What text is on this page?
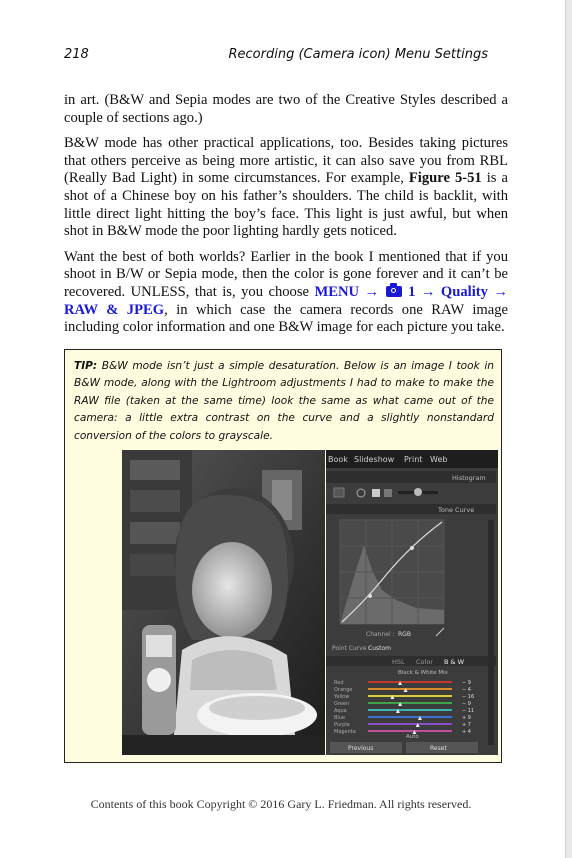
218	Recording (Camera icon) Menu Settings

in art. (B&W and Sepia modes are two of the Creative Styles described a couple of sections ago.)

B&W mode has other practical applications, too. Besides taking pictures that others perceive as being more artistic, it can also save you from RBL (Really Bad Light) in some circumstances. For example, Figure 5-51 is a shot of a Chinese boy on his father’s shoulders. The child is backlit, with little direct light hitting the boy’s face. This light is just awful, but when shot in B&W mode the poor lighting hardly gets noticed.

Want the best of both worlds? Earlier in the book I mentioned that if you shoot in B/W or Sepia mode, then the color is gone forever and it can’t be recovered. UNLESS, that is, you choose MENU →  1 → Quality → RAW & JPEG, in which case the camera records one RAW image including color information and one B&W image for each picture you take.

TIP: B&W mode isn’t just a simple desaturation. Below is an image I took in B&W mode, along with the Lightroom adjustments I had to make to make the RAW file (taken at the same time) look the same as what came out of the camera: a little extra contrast on the curve and a slightly nonstandard conversion of the colors to grayscale.
Book Slideshow Print Web
Histogram
Tone Curve
Channel : RGB
Point Curve :
Custom
HSL Color B & W
Black & White Mix
Red	− 9
Orange	− 4
Yellow	− 16
Green	− 9
Aqua	− 11
Blue	+ 9
Purple	+ 7
Magenta	+ 4
Auto
Previous	Reset
Contents of this book Copyright © 2016 Gary L. Friedman. All rights reserved.
